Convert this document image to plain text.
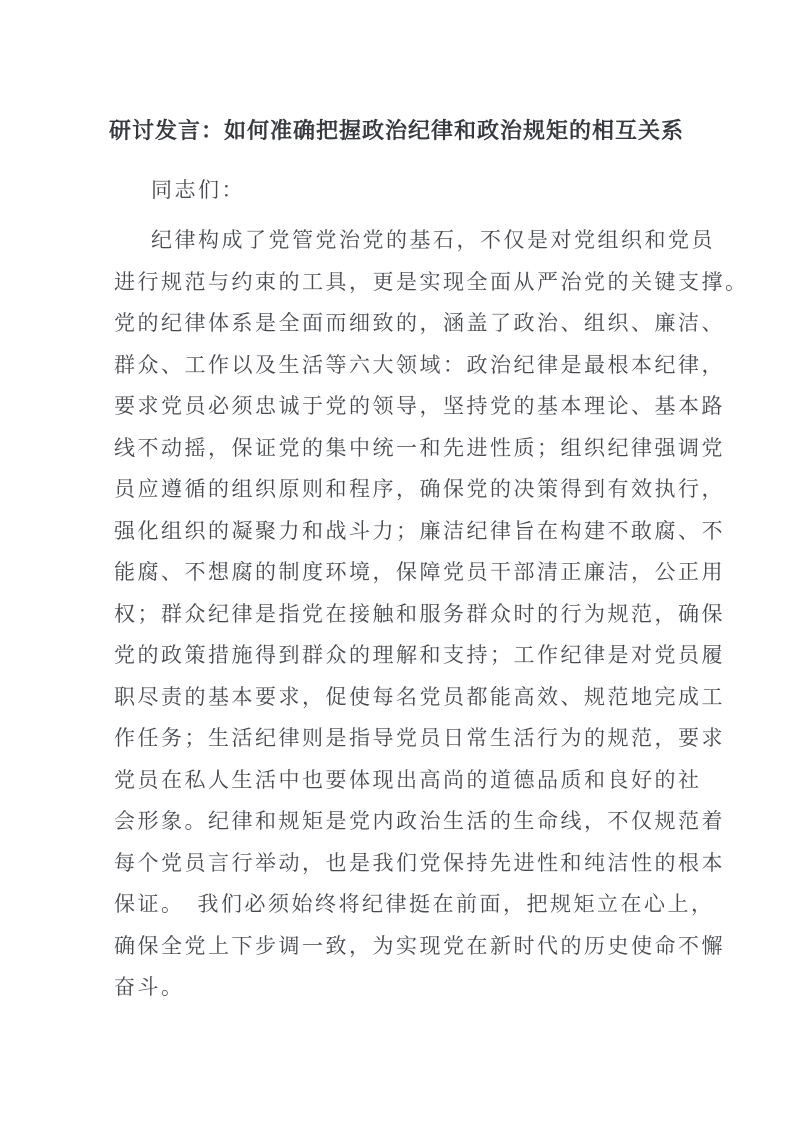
研讨发言：如何准确把握政治纪律和政治规矩的相互关系

同志们：

纪律构成了党管党治党的基石，不仅是对党组织和党员
进行规范与约束的工具，更是实现全面从严治党的关键支撑。
党的纪律体系是全面而细致的，涵盖了政治、组织、廉洁、
群众、工作以及生活等六大领域：政治纪律是最根本纪律，
要求党员必须忠诚于党的领导，坚持党的基本理论、基本路
线不动摇，保证党的集中统一和先进性质；组织纪律强调党
员应遵循的组织原则和程序，确保党的决策得到有效执行，
强化组织的凝聚力和战斗力；廉洁纪律旨在构建不敢腐、不
能腐、不想腐的制度环境，保障党员干部清正廉洁，公正用
权；群众纪律是指党在接触和服务群众时的行为规范，确保
党的政策措施得到群众的理解和支持；工作纪律是对党员履
职尽责的基本要求，促使每名党员都能高效、规范地完成工
作任务；生活纪律则是指导党员日常生活行为的规范，要求
党员在私人生活中也要体现出高尚的道德品质和良好的社
会形象。纪律和规矩是党内政治生活的生命线，不仅规范着
每个党员言行举动，也是我们党保持先进性和纯洁性的根本
保证。　我们必须始终将纪律挺在前面，把规矩立在心上，
确保全党上下步调一致，为实现党在新时代的历史使命不懈
奋斗。
